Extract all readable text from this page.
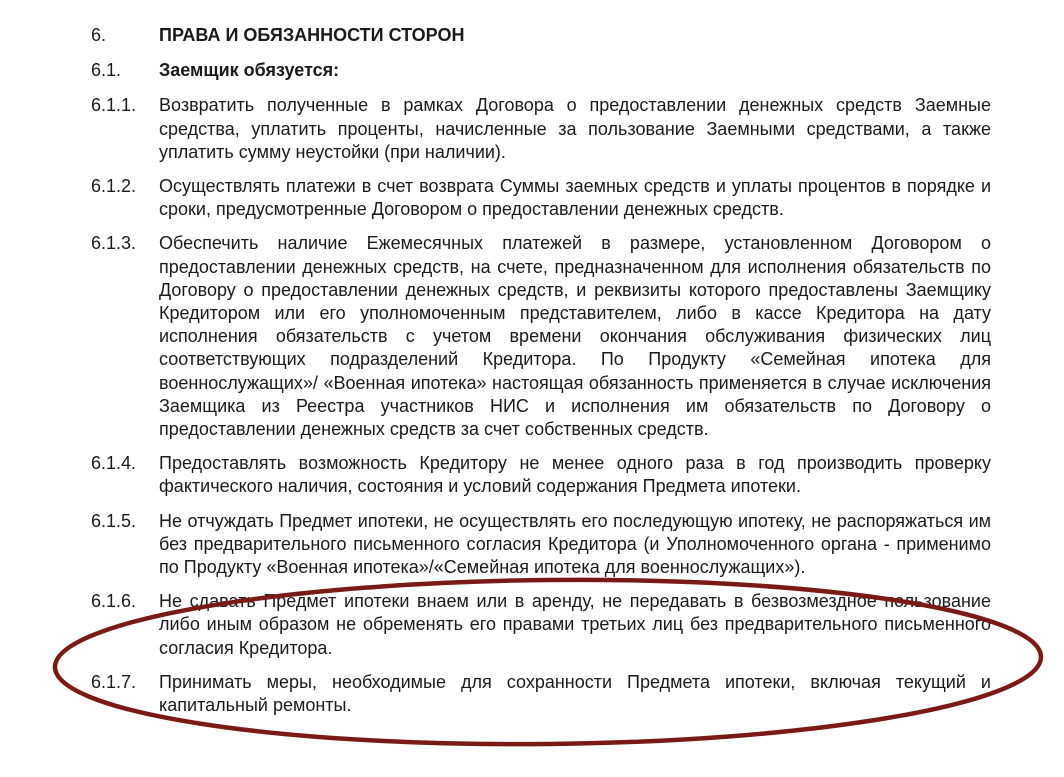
6.	ПРАВА И ОБЯЗАННОСТИ СТОРОН
6.1.	Заемщик обязуется:
6.1.1.	Возвратить полученные в рамках Договора о предоставлении денежных средств Заемные средства, уплатить проценты, начисленные за пользование Заемными средствами, а также уплатить сумму неустойки (при наличии).
6.1.2.	Осуществлять платежи в счет возврата Суммы заемных средств и уплаты процентов в порядке и сроки, предусмотренные Договором о предоставлении денежных средств.
6.1.3.	Обеспечить наличие Ежемесячных платежей в размере, установленном Договором о предоставлении денежных средств, на счете, предназначенном для исполнения обязательств по Договору о предоставлении денежных средств, и реквизиты которого предоставлены Заемщику Кредитором или его уполномоченным представителем, либо в кассе Кредитора на дату исполнения обязательств с учетом времени окончания обслуживания физических лиц соответствующих подразделений Кредитора. По Продукту «Семейная ипотека для военнослужащих»/ «Военная ипотека» настоящая обязанность применяется в случае исключения Заемщика из Реестра участников НИС и исполнения им обязательств по Договору о предоставлении денежных средств за счет собственных средств.
6.1.4.	Предоставлять возможность Кредитору не менее одного раза в год производить проверку фактического наличия, состояния и условий содержания Предмета ипотеки.
6.1.5.	Не отчуждать Предмет ипотеки, не осуществлять его последующую ипотеку, не распоряжаться им без предварительного письменного согласия Кредитора (и Уполномоченного органа - применимо по Продукту «Военная ипотека»/«Семейная ипотека для военнослужащих»).
6.1.6.	Не сдавать Предмет ипотеки внаем или в аренду, не передавать в безвозмездное пользование либо иным образом не обременять его правами третьих лиц без предварительного письменного согласия Кредитора.
6.1.7.	Принимать меры, необходимые для сохранности Предмета ипотеки, включая текущий и капитальный ремонты.
